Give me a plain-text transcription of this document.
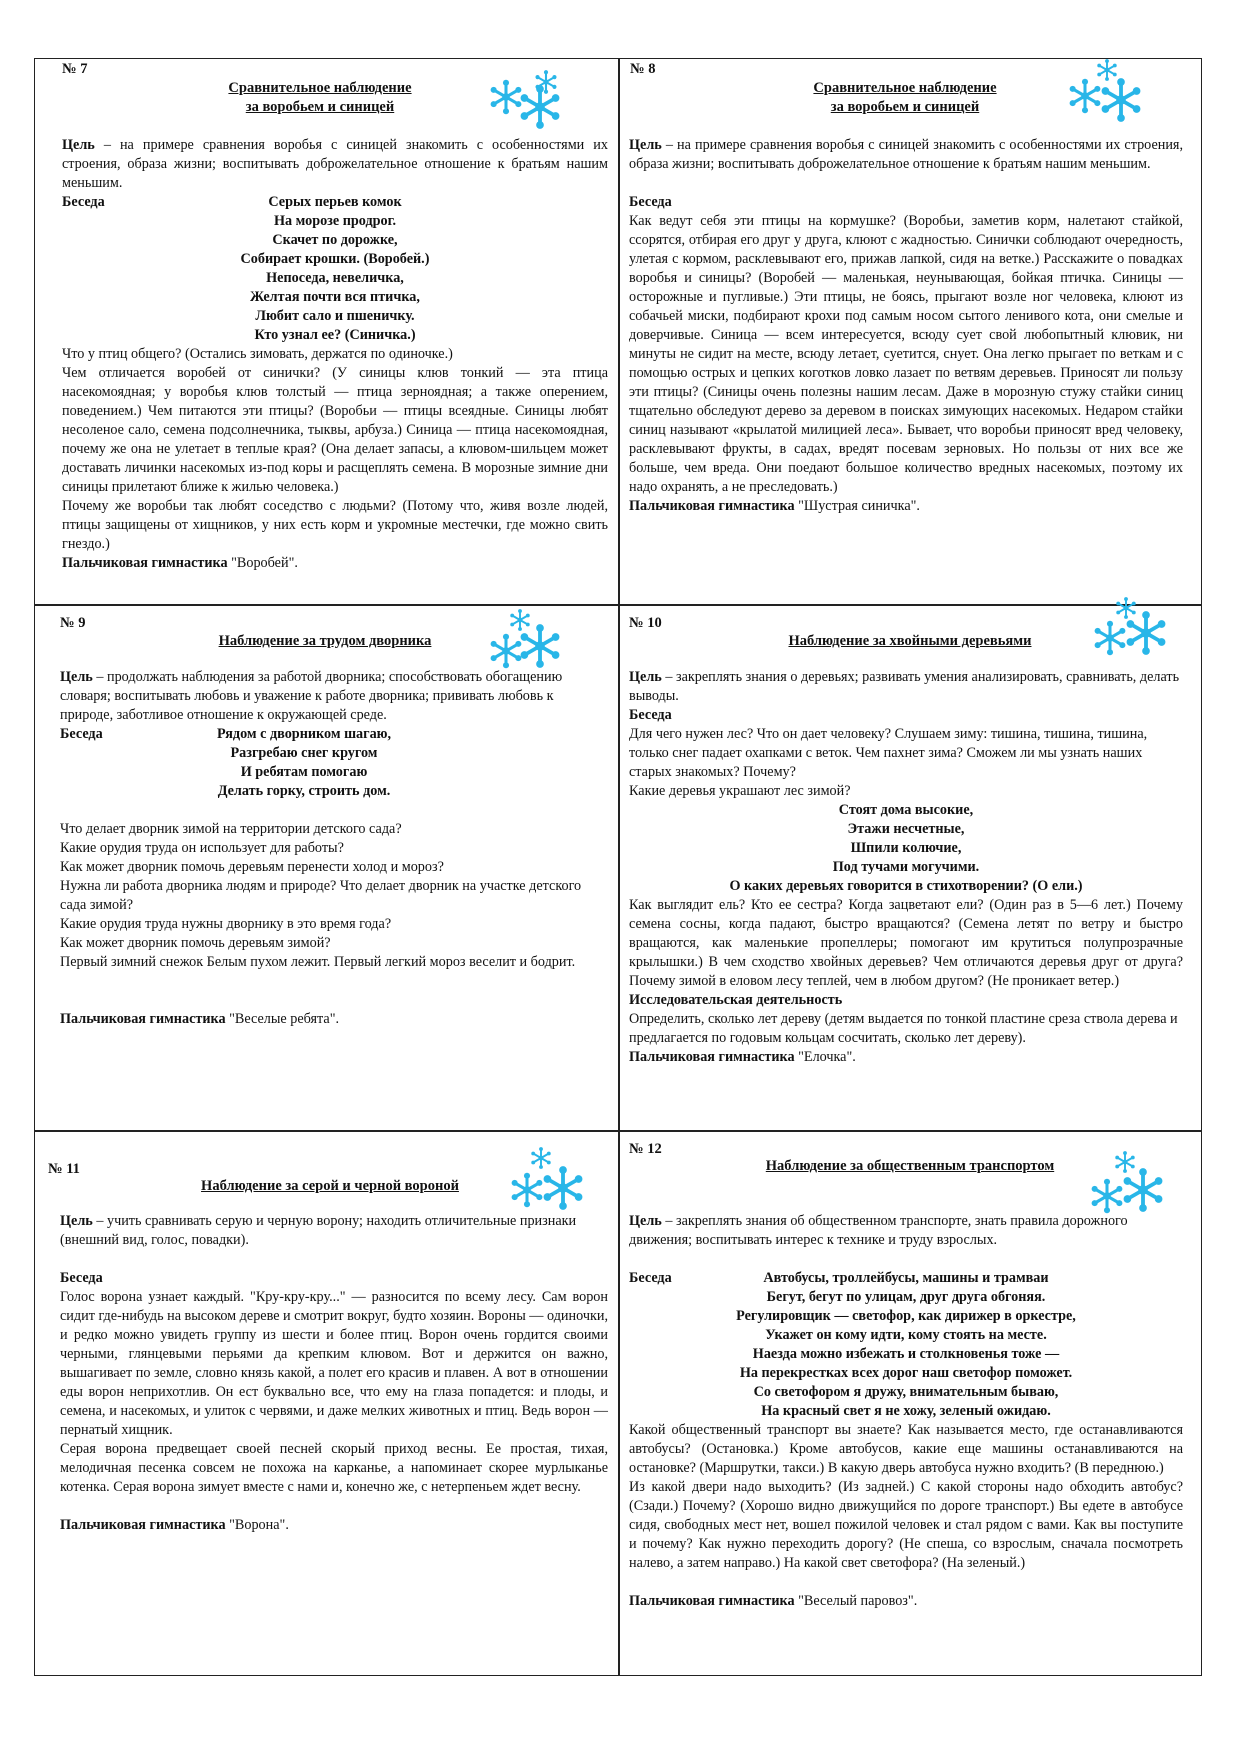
№ 7
Сравнительное наблюдение
за воробьем и синицей

Цель – на примере сравнения воробья с синицей знакомить с особенностями их строения, образа жизни; воспитывать доброжелательное отношение к братьям нашим меньшим.

Беседа	Серых перьев комок
На морозе продрог.
Скачет по дорожке,
Собирает крошки. (Воробей.)
Непоседа, невеличка,
Желтая почти вся птичка,
Любит сало и пшеничку.
Кто узнал ее? (Синичка.)

Что у птиц общего? (Остались зимовать, держатся по одиночке.)

Чем отличается воробей от синички? (У синицы клюв тонкий — эта птица насекомоядная; у воробья клюв толстый — птица зерноядная; а также оперением, поведением.) Чем питаются эти птицы? (Воробьи — птицы всеядные. Синицы любят несоленое сало, семена подсолнечника, тыквы, арбуза.) Синица — птица насекомоядная, почему же она не улетает в теплые края? (Она делает запасы, а клювом-шильцем может доставать личинки насекомых из-под коры и расщеплять семена. В морозные зимние дни синицы прилетают ближе к жилью человека.)

Почему же воробьи так любят соседство с людьми? (Потому что, живя возле людей, птицы защищены от хищников, у них есть корм и укромные местечки, где можно свить гнездо.)

Пальчиковая гимнастика "Воробей".

№ 8
Сравнительное наблюдение
за воробьем и синицей

Цель – на примере сравнения воробья с синицей знакомить с особенностями их строения, образа жизни; воспитывать доброжелательное отношение к братьям нашим меньшим.

Беседа

Как ведут себя эти птицы на кормушке? (Воробьи, заметив корм, налетают стайкой, ссорятся, отбирая его друг у друга, клюют с жадностью. Синички соблюдают очередность, улетая с кормом, расклевывают его, прижав лапкой, сидя на ветке.) Расскажите о повадках воробья и синицы? (Воробей — маленькая, неунывающая, бойкая птичка. Синицы — осторожные и пугливые.) Эти птицы, не боясь, прыгают возле ног человека, клюют из собачьей миски, подбирают крохи под самым носом сытого ленивого кота, они смелые и доверчивые. Синица — всем интересуется, всюду сует свой любопытный клювик, ни минуты не сидит на месте, всюду летает, суетится, снует. Она легко прыгает по веткам и с помощью острых и цепких коготков ловко лазает по ветвям деревьев. Приносят ли пользу эти птицы? (Синицы очень полезны нашим лесам. Даже в морозную стужу стайки синиц тщательно обследуют дерево за деревом в поисках зимующих насекомых. Недаром стайки синиц называют «крылатой милицией леса». Бывает, что воробьи приносят вред человеку, расклевывают фрукты, в садах, вредят посевам зерновых. Но пользы от них все же больше, чем вреда. Они поедают большое количество вредных насекомых, поэтому их надо охранять, а не преследовать.)

Пальчиковая гимнастика "Шустрая синичка".

№ 9
Наблюдение за трудом дворника

Цель – продолжать наблюдения за работой дворника; способствовать обогащению словаря; воспитывать любовь и уважение к работе дворника; прививать любовь к природе, заботливое отношение к окружающей среде.

Беседа	Рядом с дворником шагаю,
Разгребаю снег кругом
И ребятам помогаю
Делать горку, строить дом.

Что делает дворник зимой на территории детского сада?

Какие орудия труда он использует для работы?

Как может дворник помочь деревьям перенести холод и мороз?

Нужна ли работа дворника людям и природе? Что делает дворник на участке детского сада зимой?

Какие орудия труда нужны дворнику в это время года?

Как может дворник помочь деревьям зимой?

Первый зимний снежок Белым пухом лежит. Первый легкий мороз веселит и бодрит.

Пальчиковая гимнастика "Веселые ребята".

№ 10
Наблюдение за хвойными деревьями

Цель – закреплять знания о деревьях; развивать умения анализировать, сравнивать, делать выводы.

Беседа

Для чего нужен лес? Что он дает человеку? Слушаем зиму: тишина, тишина, тишина, только снег падает охапками с веток. Чем пахнет зима? Сможем ли мы узнать наших старых знакомых? Почему?

Какие деревья украшают лес зимой?

Стоят дома высокие,
Этажи несчетные,
Шпили колючие,
Под тучами могучими.
О каких деревьях говорится в стихотворении? (О ели.)

Как выглядит ель? Кто ее сестра? Когда зацветают ели? (Один раз в 5—6 лет.) Почему семена сосны, когда падают, быстро вращаются? (Семена летят по ветру и быстро вращаются, как маленькие пропеллеры; помогают им крутиться полупрозрачные крылышки.) В чем сходство хвойных деревьев? Чем отличаются деревья друг от друга? Почему зимой в еловом лесу теплей, чем в любом другом? (Не проникает ветер.)

Исследовательская деятельность

Определить, сколько лет дереву (детям выдается по тонкой пластине среза ствола дерева и предлагается по годовым кольцам сосчитать, сколько лет дереву).

Пальчиковая гимнастика "Елочка".

№ 11
Наблюдение за серой и черной вороной

Цель – учить сравнивать серую и черную ворону; находить отличительные признаки (внешний вид, голос, повадки).

Беседа

Голос ворона узнает каждый. "Кру-кру-кру..." — разносится по всему лесу. Сам ворон сидит где-нибудь на высоком дереве и смотрит вокруг, будто хозяин. Вороны — одиночки, и редко можно увидеть группу из шести и более птиц. Ворон очень гордится своими черными, глянцевыми перьями да крепким клювом. Вот и держится он важно, вышагивает по земле, словно князь какой, а полет его красив и плавен. А вот в отношении еды ворон неприхотлив. Он ест буквально все, что ему на глаза попадется: и плоды, и семена, и насекомых, и улиток с червями, и даже мелких животных и птиц. Ведь ворон — пернатый хищник.

Серая ворона предвещает своей песней скорый приход весны. Ее простая, тихая, мелодичная песенка совсем не похожа на карканье, а напоминает скорее мурлыканье котенка. Серая ворона зимует вместе с нами и, конечно же, с нетерпеньем ждет весну.

Пальчиковая гимнастика "Ворона".

№ 12
Наблюдение за общественным транспортом

Цель – закреплять знания об общественном транспорте, знать правила дорожного движения; воспитывать интерес к технике и труду взрослых.

Беседа	Автобусы, троллейбусы, машины и трамваи
Бегут, бегут по улицам, друг друга обгоняя.
Регулировщик — светофор, как дирижер в оркестре,
Укажет он кому идти, кому стоять на месте.
Наезда можно избежать и столкновенья тоже —
На перекрестках всех дорог наш светофор поможет.
Со светофором я дружу, внимательным бываю,
На красный свет я не хожу, зеленый ожидаю.

Какой общественный транспорт вы знаете? Как называется место, где останавливаются автобусы? (Остановка.) Кроме автобусов, какие еще машины останавливаются на остановке? (Маршрутки, такси.) В какую дверь автобуса нужно входить? (В переднюю.)

Из какой двери надо выходить? (Из задней.) С какой стороны надо обходить автобус? (Сзади.) Почему? (Хорошо видно движущийся по дороге транспорт.) Вы едете в автобусе сидя, свободных мест нет, вошел пожилой человек и стал рядом с вами. Как вы поступите и почему? Как нужно переходить дорогу? (Не спеша, со взрослым, сначала посмотреть налево, а затем направо.) На какой свет светофора? (На зеленый.)

Пальчиковая гимнастика "Веселый паровоз".
